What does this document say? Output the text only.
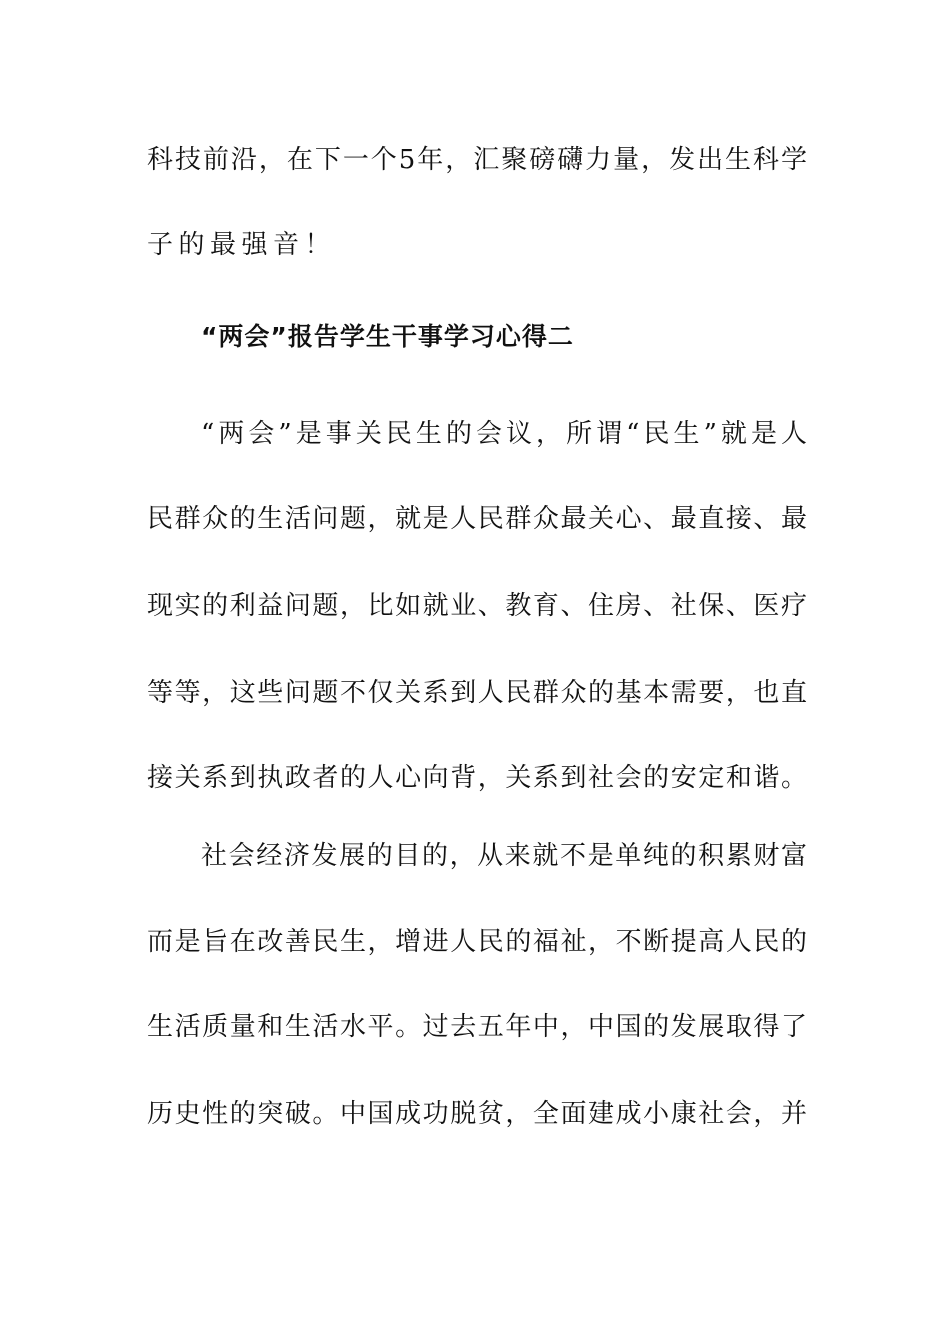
科技前沿，在下一个5年，汇聚磅礴力量，发出生科学
子的最强音！
“两会”报告学生干事学习心得二
“两会”是事关民生的会议，所谓“民生”就是人
民群众的生活问题，就是人民群众最关心、最直接、最
现实的利益问题，比如就业、教育、住房、社保、医疗
等等，这些问题不仅关系到人民群众的基本需要，也直
接关系到执政者的人心向背，关系到社会的安定和谐。
社会经济发展的目的，从来就不是单纯的积累财富
而是旨在改善民生，增进人民的福祉，不断提高人民的
生活质量和生活水平。过去五年中，中国的发展取得了
历史性的突破。中国成功脱贫，全面建成小康社会，并
